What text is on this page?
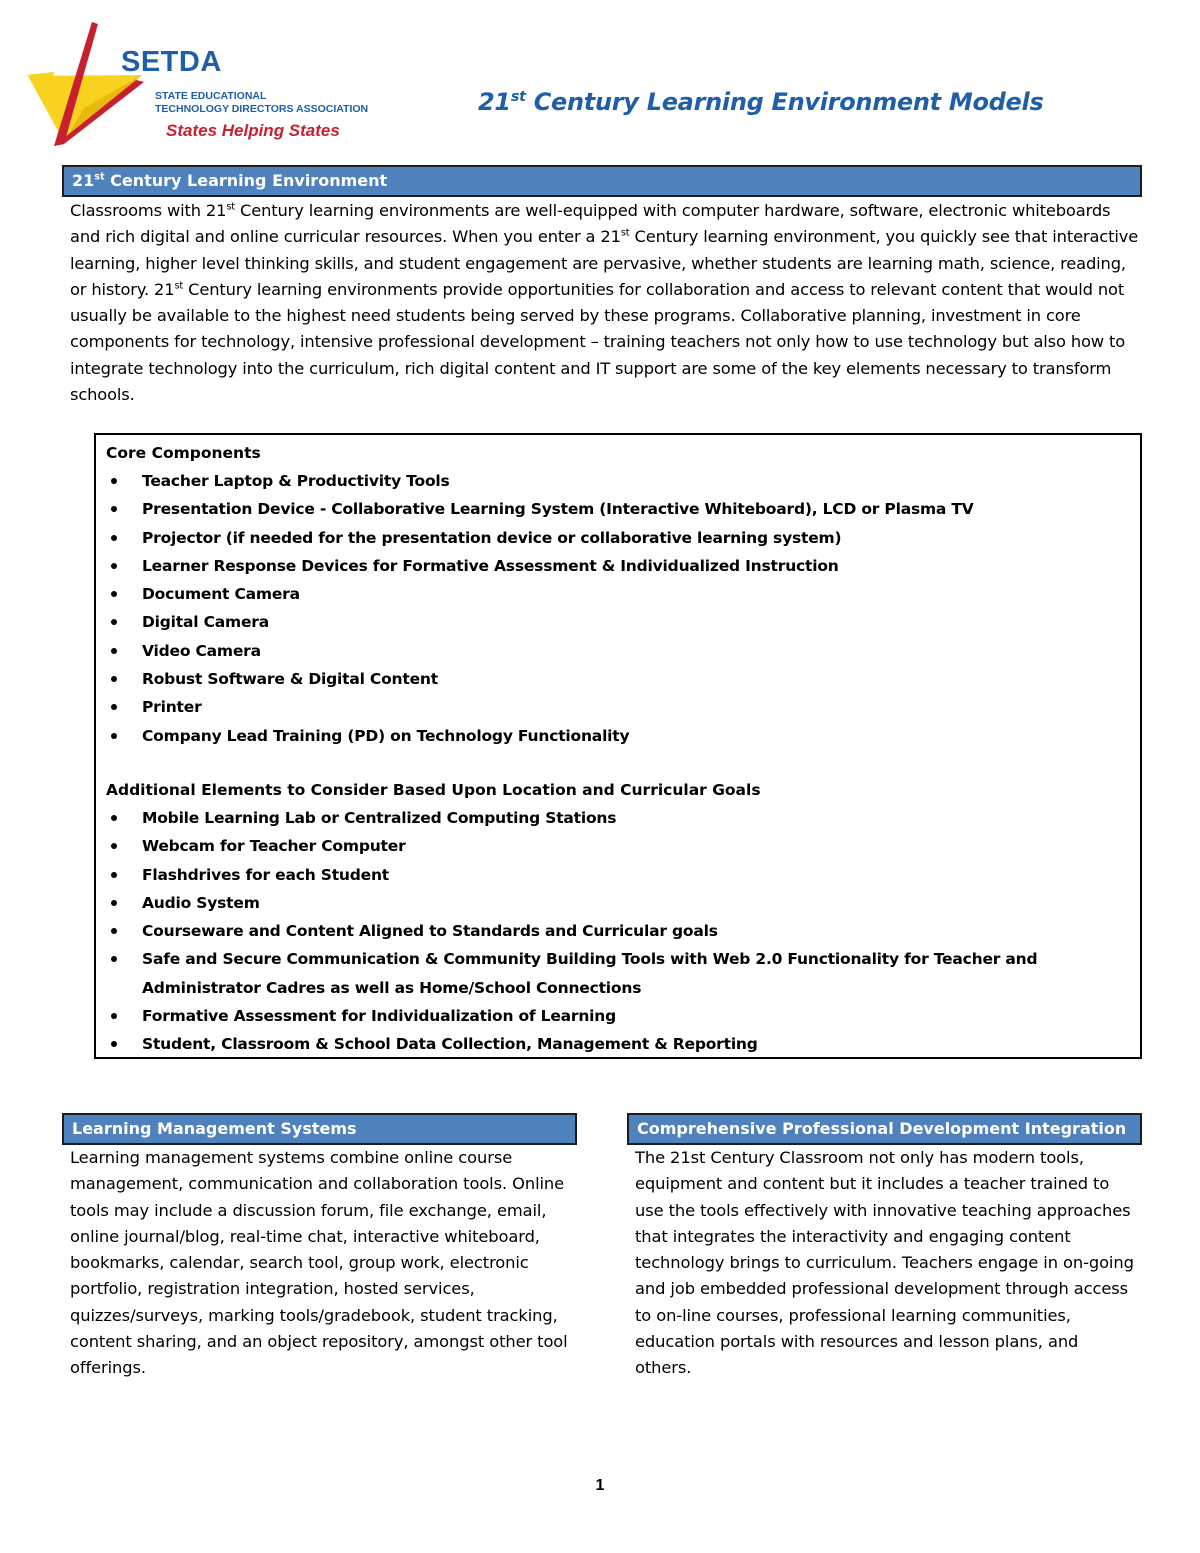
SETDA
STATE EDUCATIONAL
TECHNOLOGY DIRECTORS ASSOCIATION
States Helping States
21st Century Learning Environment Models
21st Century Learning Environment
Classrooms with 21st Century learning environments are well-equipped with computer hardware, software, electronic whiteboards and rich digital and online curricular resources. When you enter a 21st Century learning environment, you quickly see that interactive learning, higher level thinking skills, and student engagement are pervasive, whether students are learning math, science, reading, or history. 21st Century learning environments provide opportunities for collaboration and access to relevant content that would not usually be available to the highest need students being served by these programs. Collaborative planning, investment in core components for technology, intensive professional development – training teachers not only how to use technology but also how to integrate technology into the curriculum, rich digital content and IT support are some of the key elements necessary to transform schools.
Core Components
Teacher Laptop & Productivity Tools
Presentation Device - Collaborative Learning System (Interactive Whiteboard), LCD or Plasma TV
Projector (if needed for the presentation device or collaborative learning system)
Learner Response Devices for Formative Assessment & Individualized Instruction
Document Camera
Digital Camera
Video Camera
Robust Software & Digital Content
Printer
Company Lead Training (PD) on Technology Functionality
Additional Elements to Consider Based Upon Location and Curricular Goals
Mobile Learning Lab or Centralized Computing Stations
Webcam for Teacher Computer
Flashdrives for each Student
Audio System
Courseware and Content Aligned to Standards and Curricular goals
Safe and Secure Communication & Community Building Tools with Web 2.0 Functionality for Teacher and Administrator Cadres as well as Home/School Connections
Formative Assessment for Individualization of Learning
Student, Classroom & School Data Collection, Management & Reporting
Learning Management Systems
Learning management systems combine online course management, communication and collaboration tools. Online tools may include a discussion forum, file exchange, email, online journal/blog, real-time chat, interactive whiteboard, bookmarks, calendar, search tool, group work, electronic portfolio, registration integration, hosted services, quizzes/surveys, marking tools/gradebook, student tracking, content sharing, and an object repository, amongst other tool offerings.
Comprehensive Professional Development Integration
The 21st Century Classroom not only has modern tools, equipment and content but it includes a teacher trained to use the tools effectively with innovative teaching approaches that integrates the interactivity and engaging content technology brings to curriculum. Teachers engage in on-going and job embedded professional development through access to on-line courses, professional learning communities, education portals with resources and lesson plans, and others.
1
